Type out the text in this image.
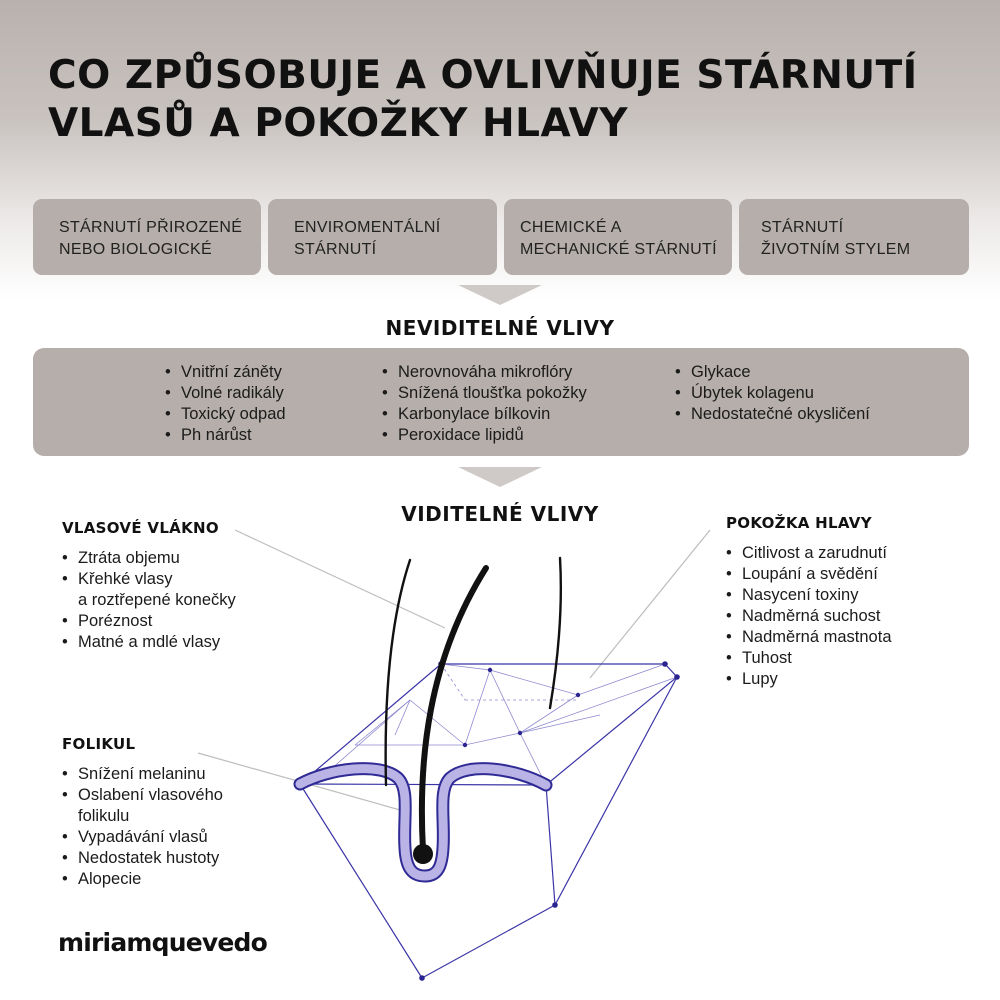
CO ZPŮSOBUJE A OVLIVŇUJE STÁRNUTÍ
VLASŮ A POKOŽKY HLAVY
STÁRNUTÍ PŘIROZENÉ
NEBO BIOLOGICKÉ
ENVIROMENTÁLNÍ
STÁRNUTÍ
CHEMICKÉ A
MECHANICKÉ STÁRNUTÍ
STÁRNUTÍ
ŽIVOTNÍM STYLEM
NEVIDITELNÉ VLIVY
• Vnitřní záněty
• Volné radikály
• Toxický odpad
• Ph nárůst
• Nerovnováha mikroflóry
• Snížená tloušťka pokožky
• Karbonylace bílkovin
• Peroxidace lipidů
• Glykace
• Úbytek kolagenu
• Nedostatečné okysličení
VIDITELNÉ VLIVY
VLASOVÉ VLÁKNO
• Ztráta objemu
• Křehké vlasy
a roztřepené konečky
• Poréznost
• Matné a mdlé vlasy
FOLIKUL
• Snížení melaninu
• Oslabení vlasového
folikulu
• Vypadávání vlasů
• Nedostatek hustoty
• Alopecie
POKOŽKA HLAVY
• Citlivost a zarudnutí
• Loupání a svědění
• Nasycení toxiny
• Nadměrná suchost
• Nadměrná mastnota
• Tuhost
• Lupy
miriamquevedo
